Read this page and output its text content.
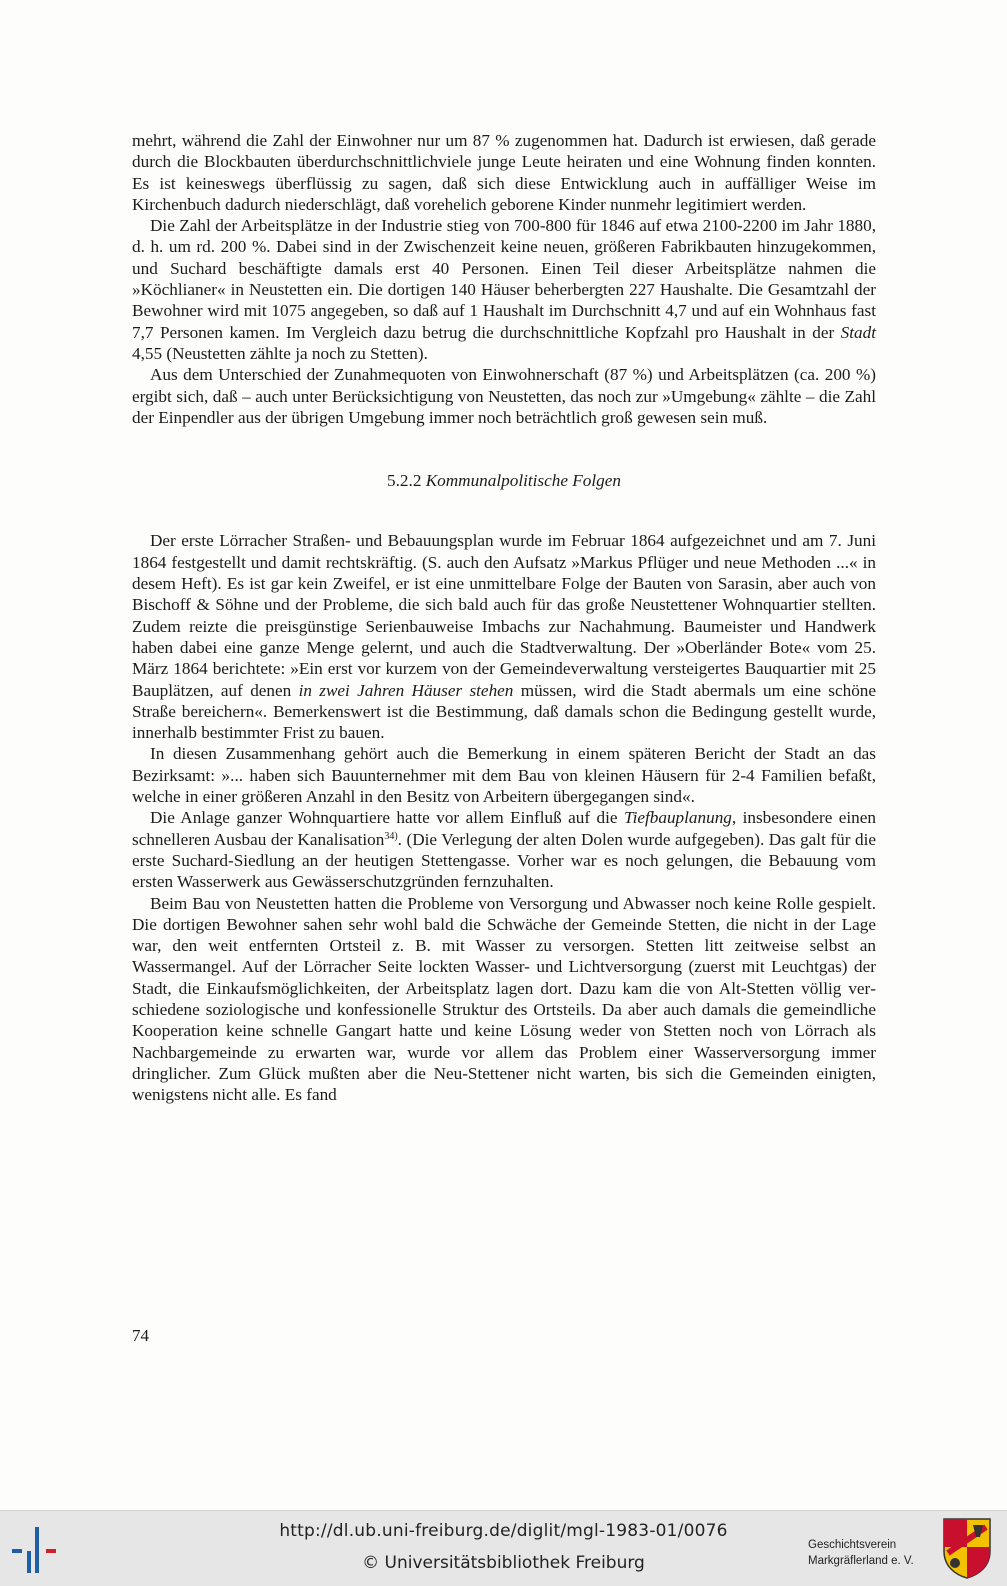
mehrt, während die Zahl der Einwohner nur um 87 % zugenommen hat. Dadurch ist erwiesen, daß gerade durch die Blockbauten überdurchschnittlichviele junge Leute heiraten und eine Wohnung finden konnten. Es ist keineswegs überflüssig zu sagen, daß sich diese Entwicklung auch in auffälliger Weise im Kirchenbuch dadurch niederschlägt, daß vorehelich geborene Kinder nunmehr legitimiert werden.

Die Zahl der Arbeitsplätze in der Industrie stieg von 700-800 für 1846 auf etwa 2100-2200 im Jahr 1880, d. h. um rd. 200 %. Dabei sind in der Zwischenzeit keine neuen, größeren Fabrikbauten hinzugekommen, und Suchard beschäftigte damals erst 40 Personen. Einen Teil dieser Arbeitsplätze nahmen die »Köchlianer« in Neustetten ein. Die dortigen 140 Häuser beherbergten 227 Haushalte. Die Gesamtzahl der Bewohner wird mit 1075 angegeben, so daß auf 1 Haushalt im Durchschnitt 4,7 und auf ein Wohnhaus fast 7,7 Personen kamen. Im Vergleich dazu betrug die durchschnittliche Kopfzahl pro Haushalt in der Stadt 4,55 (Neustetten zählte ja noch zu Stetten).

Aus dem Unterschied der Zunahmequoten von Einwohnerschaft (87 %) und Arbeitsplätzen (ca. 200 %) ergibt sich, daß – auch unter Berücksichtigung von Neustetten, das noch zur »Umgebung« zählte – die Zahl der Einpendler aus der übrigen Umgebung immer noch beträchtlich groß gewesen sein muß.

5.2.2 Kommunalpolitische Folgen

Der erste Lörracher Straßen- und Bebauungsplan wurde im Februar 1864 aufgezeichnet und am 7. Juni 1864 festgestellt und damit rechtskräftig. (S. auch den Aufsatz »Markus Pflüger und neue Methoden ...« in desem Heft). Es ist gar kein Zweifel, er ist eine unmittelbare Folge der Bauten von Sarasin, aber auch von Bischoff & Söhne und der Probleme, die sich bald auch für das große Neustettener Wohnquartier stellten. Zudem reizte die preisgünstige Serienbauweise Imbachs zur Nachahmung. Baumeister und Handwerk haben dabei eine ganze Menge gelernt, und auch die Stadtverwaltung. Der »Oberländer Bote« vom 25. März 1864 berichtete: »Ein erst vor kurzem von der Gemeindeverwaltung versteigertes Bauquartier mit 25 Bauplätzen, auf denen in zwei Jahren Häuser stehen müssen, wird die Stadt abermals um eine schöne Straße bereichern«. Bemerkenswert ist die Bestimmung, daß damals schon die Bedingung gestellt wurde, innerhalb bestimmter Frist zu bauen.

In diesen Zusammenhang gehört auch die Bemerkung in einem späteren Bericht der Stadt an das Bezirksamt: »... haben sich Bauunternehmer mit dem Bau von kleinen Häusern für 2-4 Familien befaßt, welche in einer größeren Anzahl in den Besitz von Arbeitern übergegangen sind«.

Die Anlage ganzer Wohnquartiere hatte vor allem Einfluß auf die Tiefbauplanung, insbesondere einen schnelleren Ausbau der Kanalisation$^{34)}$. (Die Verlegung der alten Dolen wurde aufgegeben). Das galt für die erste Suchard-Siedlung an der heutigen Stettengasse. Vorher war es noch gelungen, die Bebauung vom ersten Wasserwerk aus Gewässerschutzgründen fernzuhalten.

Beim Bau von Neustetten hatten die Probleme von Versorgung und Abwasser noch keine Rolle gespielt. Die dortigen Bewohner sahen sehr wohl bald die Schwäche der Gemeinde Stetten, die nicht in der Lage war, den weit entfernten Ortsteil z. B. mit Wasser zu versorgen. Stetten litt zeitweise selbst an Wassermangel. Auf der Lörracher Seite lockten Wasser- und Lichtversorgung (zuerst mit Leuchtgas) der Stadt, die Einkaufsmöglichkeiten, der Arbeitsplatz lagen dort. Dazu kam die von Alt-Stetten völlig verschiedene soziologische und konfessionelle Struktur des Ortsteils. Da aber auch damals die gemeindliche Kooperation keine schnelle Gangart hatte und keine Lösung weder von Stetten noch von Lörrach als Nachbargemeinde zu erwarten war, wurde vor allem das Problem einer Wasserversorgung immer dringlicher. Zum Glück mußten aber die Neu-Stettener nicht warten, bis sich die Gemeinden einigten, wenigstens nicht alle. Es fand

74
http://dl.ub.uni-freiburg.de/diglit/mgl-1983-01/0076
© Universitätsbibliothek Freiburg
Geschichtsverein
Markgräflerland e. V.
